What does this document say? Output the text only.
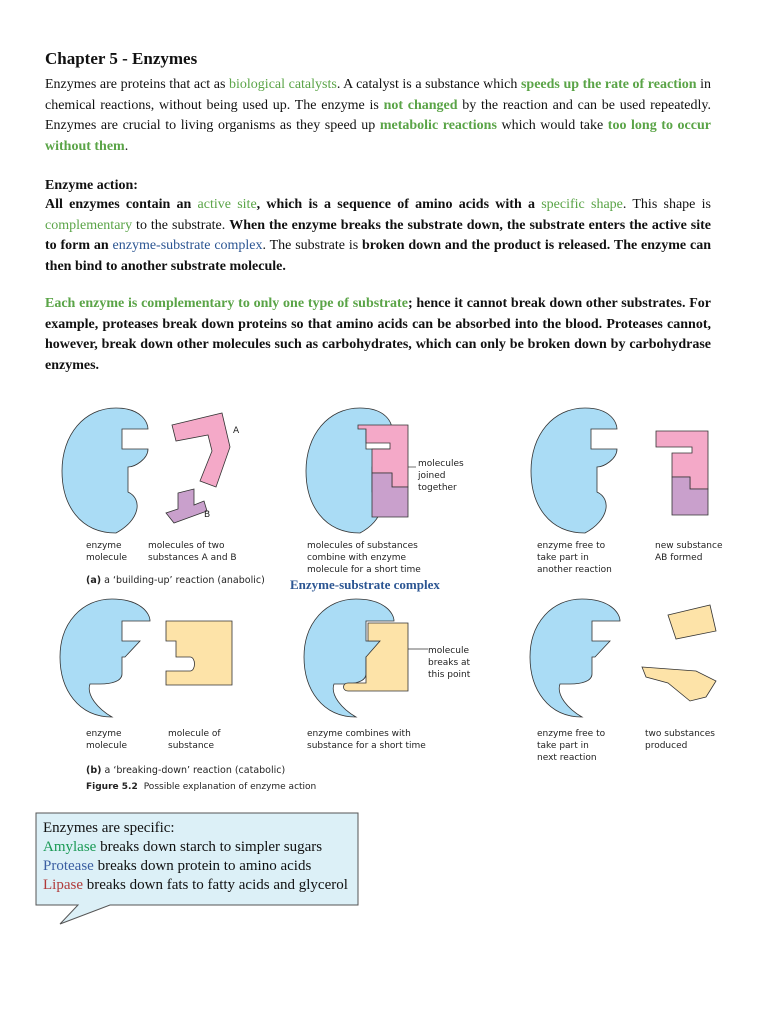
Chapter 5 - Enzymes
Enzymes are proteins that act as biological catalysts. A catalyst is a substance which speeds up the rate of reaction in chemical reactions, without being used up. The enzyme is not changed by the reaction and can be used repeatedly. Enzymes are crucial to living organisms as they speed up metabolic reactions which would take too long to occur without them.
Enzyme action:
All enzymes contain an active site, which is a sequence of amino acids with a specific shape. This shape is complementary to the substrate. When the enzyme breaks the substrate down, the substrate enters the active site to form an enzyme-substrate complex. The substrate is broken down and the product is released. The enzyme can then bind to another substrate molecule.
Each enzyme is complementary to only one type of substrate; hence it cannot break down other substrates. For example, proteases break down proteins so that amino acids can be absorbed into the blood. Proteases cannot, however, break down other molecules such as carbohydrates, which can only be broken down by carbohydrase enzymes.
A
B
molecules joined together
enzyme molecule
molecules of two substances A and B
molecules of substances combine with enzyme molecule for a short time
enzyme free to take part in another reaction
new substance AB formed
(a) a ‘building-up’ reaction (anabolic) Enzyme-substrate complex
molecule breaks at this point
enzyme molecule
molecule of substance
enzyme combines with substance for a short time
enzyme free to take part in next reaction
two substances produced
(b) a ‘breaking-down’ reaction (catabolic)
Figure 5.2 Possible explanation of enzyme action
Enzymes are specific:
Amylase breaks down starch to simpler sugars
Protease breaks down protein to amino acids
Lipase breaks down fats to fatty acids and glycerol
